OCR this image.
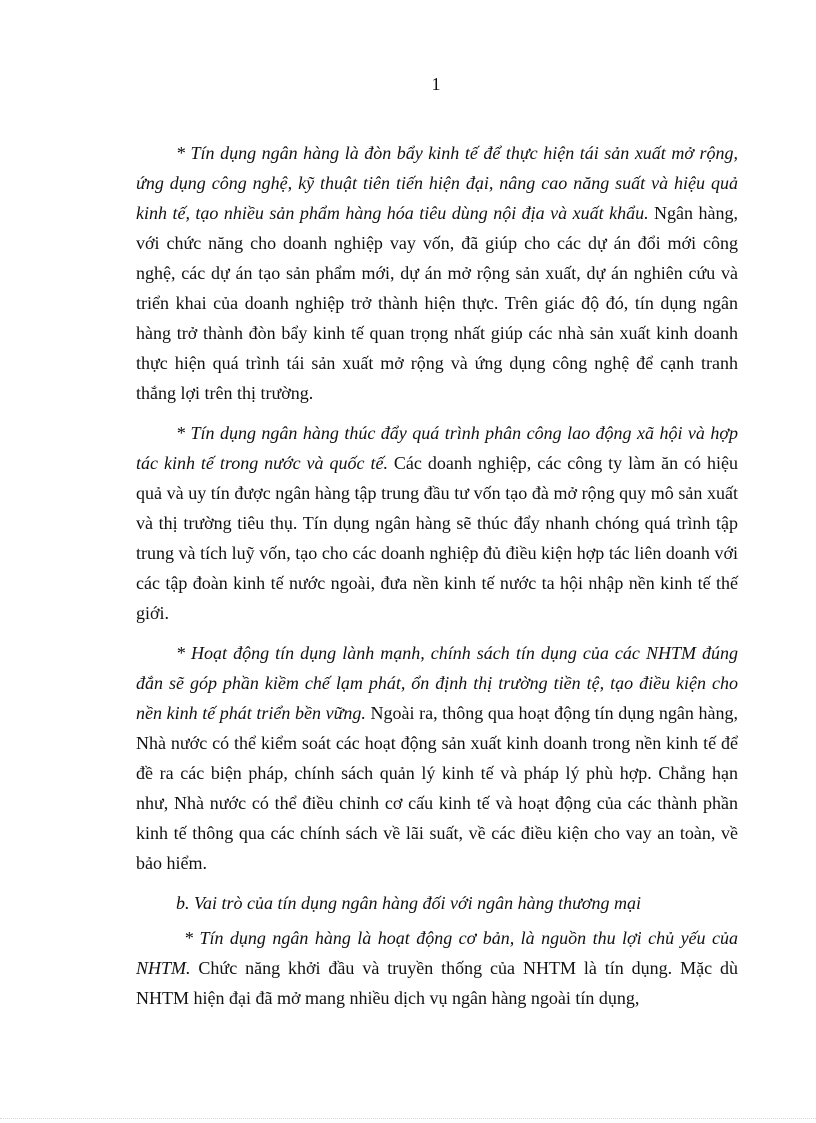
1

* Tín dụng ngân hàng là đòn bẩy kinh tế để thực hiện tái sản xuất mở rộng, ứng dụng công nghệ, kỹ thuật tiên tiến hiện đại, nâng cao năng suất và hiệu quả kinh tế, tạo nhiều sản phẩm hàng hóa tiêu dùng nội địa và xuất khẩu. Ngân hàng, với chức năng cho doanh nghiệp vay vốn, đã giúp cho các dự án đổi mới công nghệ, các dự án tạo sản phẩm mới, dự án mở rộng sản xuất, dự án nghiên cứu và triển khai của doanh nghiệp trở thành hiện thực. Trên giác độ đó, tín dụng ngân hàng trở thành đòn bẩy kinh tế quan trọng nhất giúp các nhà sản xuất kinh doanh thực hiện quá trình tái sản xuất mở rộng và ứng dụng công nghệ để cạnh tranh thắng lợi trên thị trường.

* Tín dụng ngân hàng thúc đẩy quá trình phân công lao động xã hội và hợp tác kinh tế trong nước và quốc tế. Các doanh nghiệp, các công ty làm ăn có hiệu quả và uy tín được ngân hàng tập trung đầu tư vốn tạo đà mở rộng quy mô sản xuất và thị trường tiêu thụ. Tín dụng ngân hàng sẽ thúc đẩy nhanh chóng quá trình tập trung và tích luỹ vốn, tạo cho các doanh nghiệp đủ điều kiện hợp tác liên doanh với các tập đoàn kinh tế nước ngoài, đưa nền kinh tế nước ta hội nhập nền kinh tế thế giới.

* Hoạt động tín dụng lành mạnh, chính sách tín dụng của các NHTM đúng đắn sẽ góp phần kiềm chế lạm phát, ổn định thị trường tiền tệ, tạo điều kiện cho nền kinh tế phát triển bền vững. Ngoài ra, thông qua hoạt động tín dụng ngân hàng, Nhà nước có thể kiểm soát các hoạt động sản xuất kinh doanh trong nền kinh tế để đề ra các biện pháp, chính sách quản lý kinh tế và pháp lý phù hợp. Chẳng hạn như, Nhà nước có thể điều chỉnh cơ cấu kinh tế và hoạt động của các thành phần kinh tế thông qua các chính sách về lãi suất, về các điều kiện cho vay an toàn, về bảo hiểm.

b. Vai trò của tín dụng ngân hàng đối với ngân hàng thương mại

* Tín dụng ngân hàng là hoạt động cơ bản, là nguồn thu lợi chủ yếu của NHTM. Chức năng khởi đầu và truyền thống của NHTM là tín dụng. Mặc dù NHTM hiện đại đã mở mang nhiều dịch vụ ngân hàng ngoài tín dụng,
